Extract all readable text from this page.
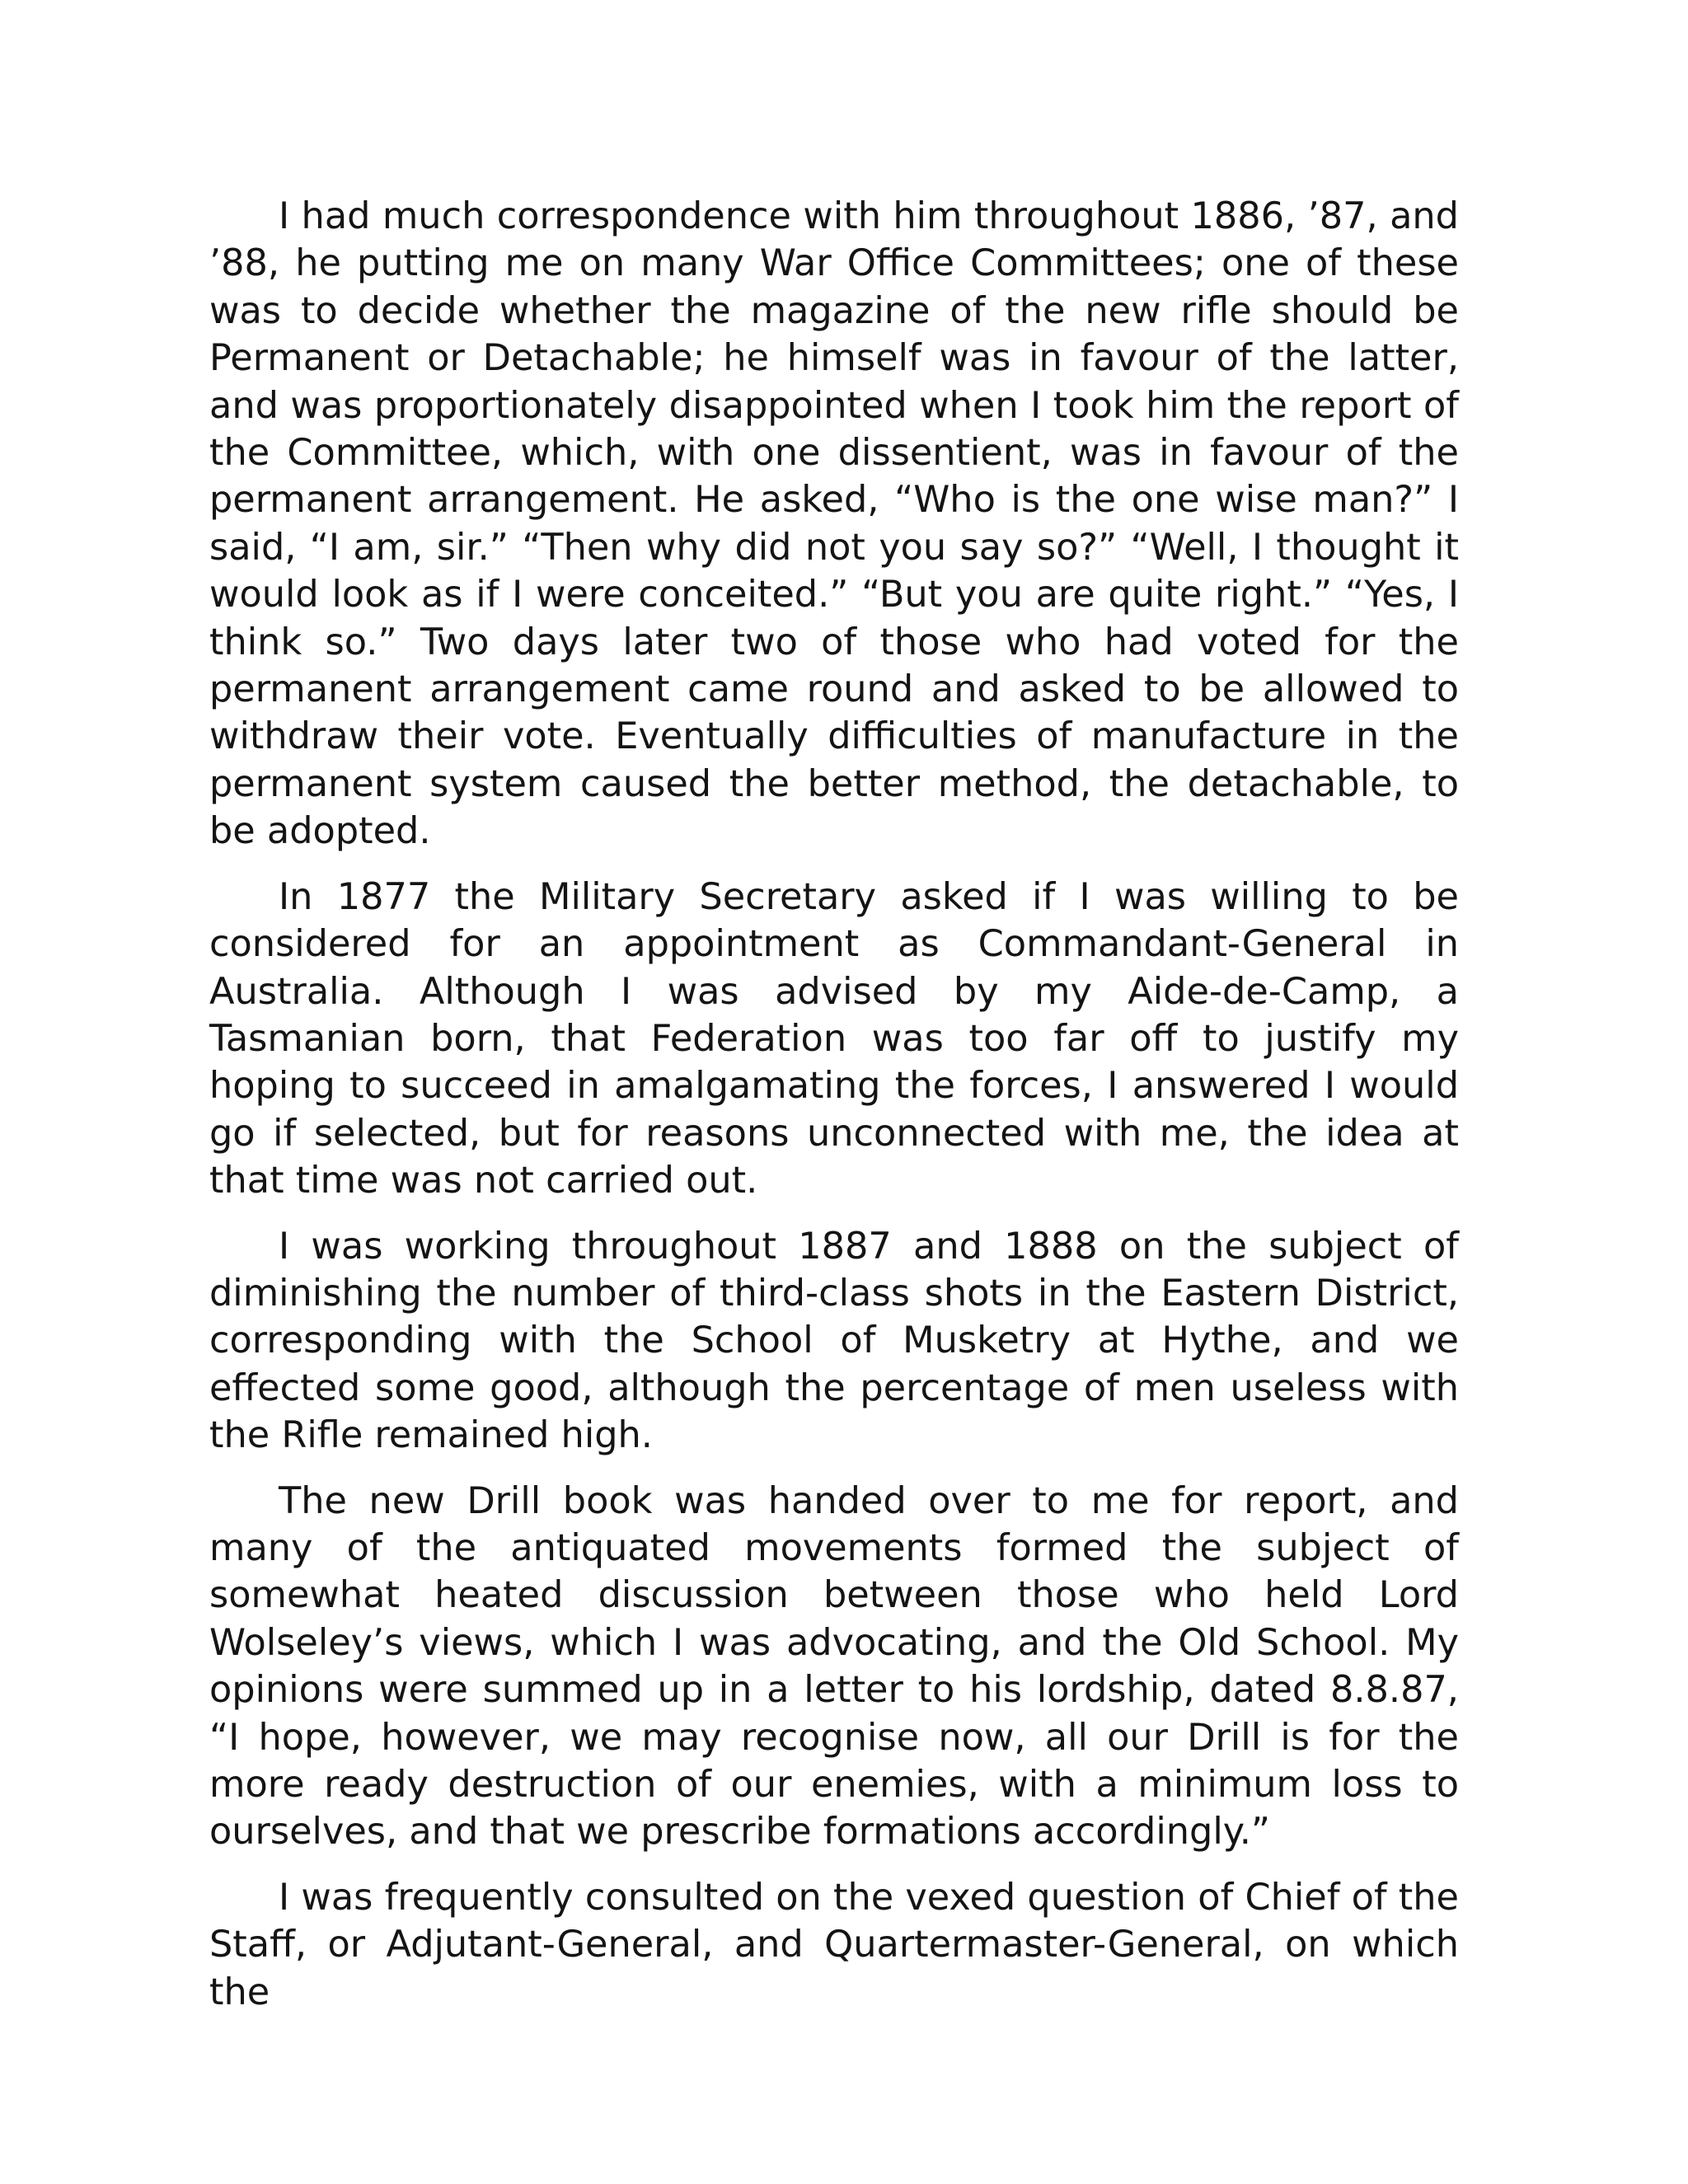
I had much correspondence with him throughout 1886, ’87, and ’88, he putting me on many War Office Committees; one of these was to decide whether the magazine of the new rifle should be Permanent or Detachable; he himself was in favour of the latter, and was proportionately disappointed when I took him the report of the Committee, which, with one dissentient, was in favour of the permanent arrangement. He asked, “Who is the one wise man?” I said, “I am, sir.” “Then why did not you say so?” “Well, I thought it would look as if I were conceited.” “But you are quite right.” “Yes, I think so.” Two days later two of those who had voted for the permanent arrangement came round and asked to be allowed to withdraw their vote. Eventually difficulties of manufacture in the permanent system caused the better method, the detachable, to be adopted.

In 1877 the Military Secretary asked if I was willing to be considered for an appointment as Commandant-General in Australia. Although I was advised by my Aide-de-Camp, a Tasmanian born, that Federation was too far off to justify my hoping to succeed in amalgamating the forces, I answered I would go if selected, but for reasons unconnected with me, the idea at that time was not carried out.

I was working throughout 1887 and 1888 on the subject of diminishing the number of third-class shots in the Eastern District, corresponding with the School of Musketry at Hythe, and we effected some good, although the percentage of men useless with the Rifle remained high.

The new Drill book was handed over to me for report, and many of the antiquated movements formed the subject of somewhat heated discussion between those who held Lord Wolseley’s views, which I was advocating, and the Old School. My opinions were summed up in a letter to his lordship, dated 8.8.87, “I hope, however, we may recognise now, all our Drill is for the more ready destruction of our enemies, with a minimum loss to ourselves, and that we prescribe formations accordingly.”

I was frequently consulted on the vexed question of Chief of the Staff, or Adjutant-General, and Quartermaster-General, on which the
